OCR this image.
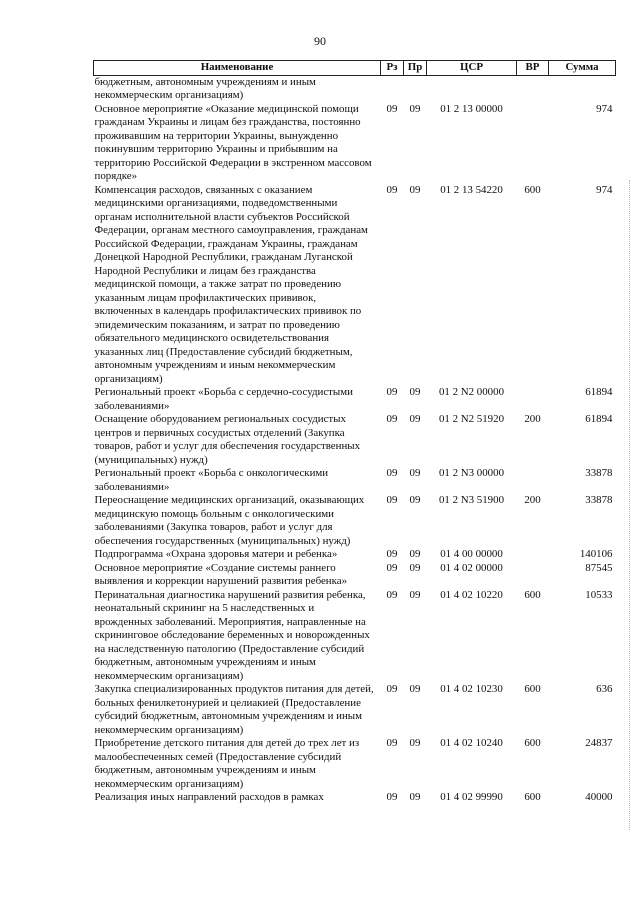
90
Наименование	Рз	Пр	ЦСР	ВР	Сумма
бюджетным, автономным учреждениям и иным некоммерческим организациям)					
Основное мероприятие «Оказание медицинской помощи гражданам Украины и лицам без гражданства, постоянно проживавшим на территории Украины, вынужденно покинувшим территорию Украины и прибывшим на территорию Российской Федерации в экстренном массовом порядке»	09	09	01 2 13 00000		974
Компенсация расходов, связанных с оказанием медицинскими организациями, подведомственными органам исполнительной власти субъектов Российской Федерации, органам местного самоуправления, гражданам Российской Федерации, гражданам Украины, гражданам Донецкой Народной Республики, гражданам Луганской Народной Республики и лицам без гражданства медицинской помощи, а также затрат по проведению указанным лицам профилактических прививок, включенных в календарь профилактических прививок по эпидемическим показаниям, и затрат по проведению обязательного медицинского освидетельствования указанных лиц (Предоставление субсидий бюджетным, автономным учреждениям и иным некоммерческим организациям)	09	09	01 2 13 54220	600	974
Региональный проект «Борьба с сердечно-сосудистыми заболеваниями»	09	09	01 2 N2 00000		61894
Оснащение оборудованием региональных сосудистых центров и первичных сосудистых отделений (Закупка товаров, работ и услуг для обеспечения государственных (муниципальных) нужд)	09	09	01 2 N2 51920	200	61894
Региональный проект «Борьба с онкологическими заболеваниями»	09	09	01 2 N3 00000		33878
Переоснащение медицинских организаций, оказывающих медицинскую помощь больным с онкологическими заболеваниями (Закупка товаров, работ и услуг для обеспечения государственных (муниципальных) нужд)	09	09	01 2 N3 51900	200	33878
Подпрограмма «Охрана здоровья матери и ребенка»	09	09	01 4 00 00000		140106
Основное мероприятие «Создание системы раннего выявления и коррекции нарушений развития ребенка»	09	09	01 4 02 00000		87545
Перинатальная диагностика нарушений развития ребенка, неонатальный скрининг на 5 наследственных и врожденных заболеваний. Мероприятия, направленные на скрининговое обследование беременных и новорожденных на наследственную патологию (Предоставление субсидий бюджетным, автономным учреждениям и иным некоммерческим организациям)	09	09	01 4 02 10220	600	10533
Закупка специализированных продуктов питания для детей, больных фенилкетонурией и целиакией (Предоставление субсидий бюджетным, автономным учреждениям и иным некоммерческим организациям)	09	09	01 4 02 10230	600	636
Приобретение детского питания для детей до трех лет из малообеспеченных семей (Предоставление субсидий бюджетным, автономным учреждениям и иным некоммерческим организациям)	09	09	01 4 02 10240	600	24837
Реализация иных направлений расходов в рамках	09	09	01 4 02 99990	600	40000
